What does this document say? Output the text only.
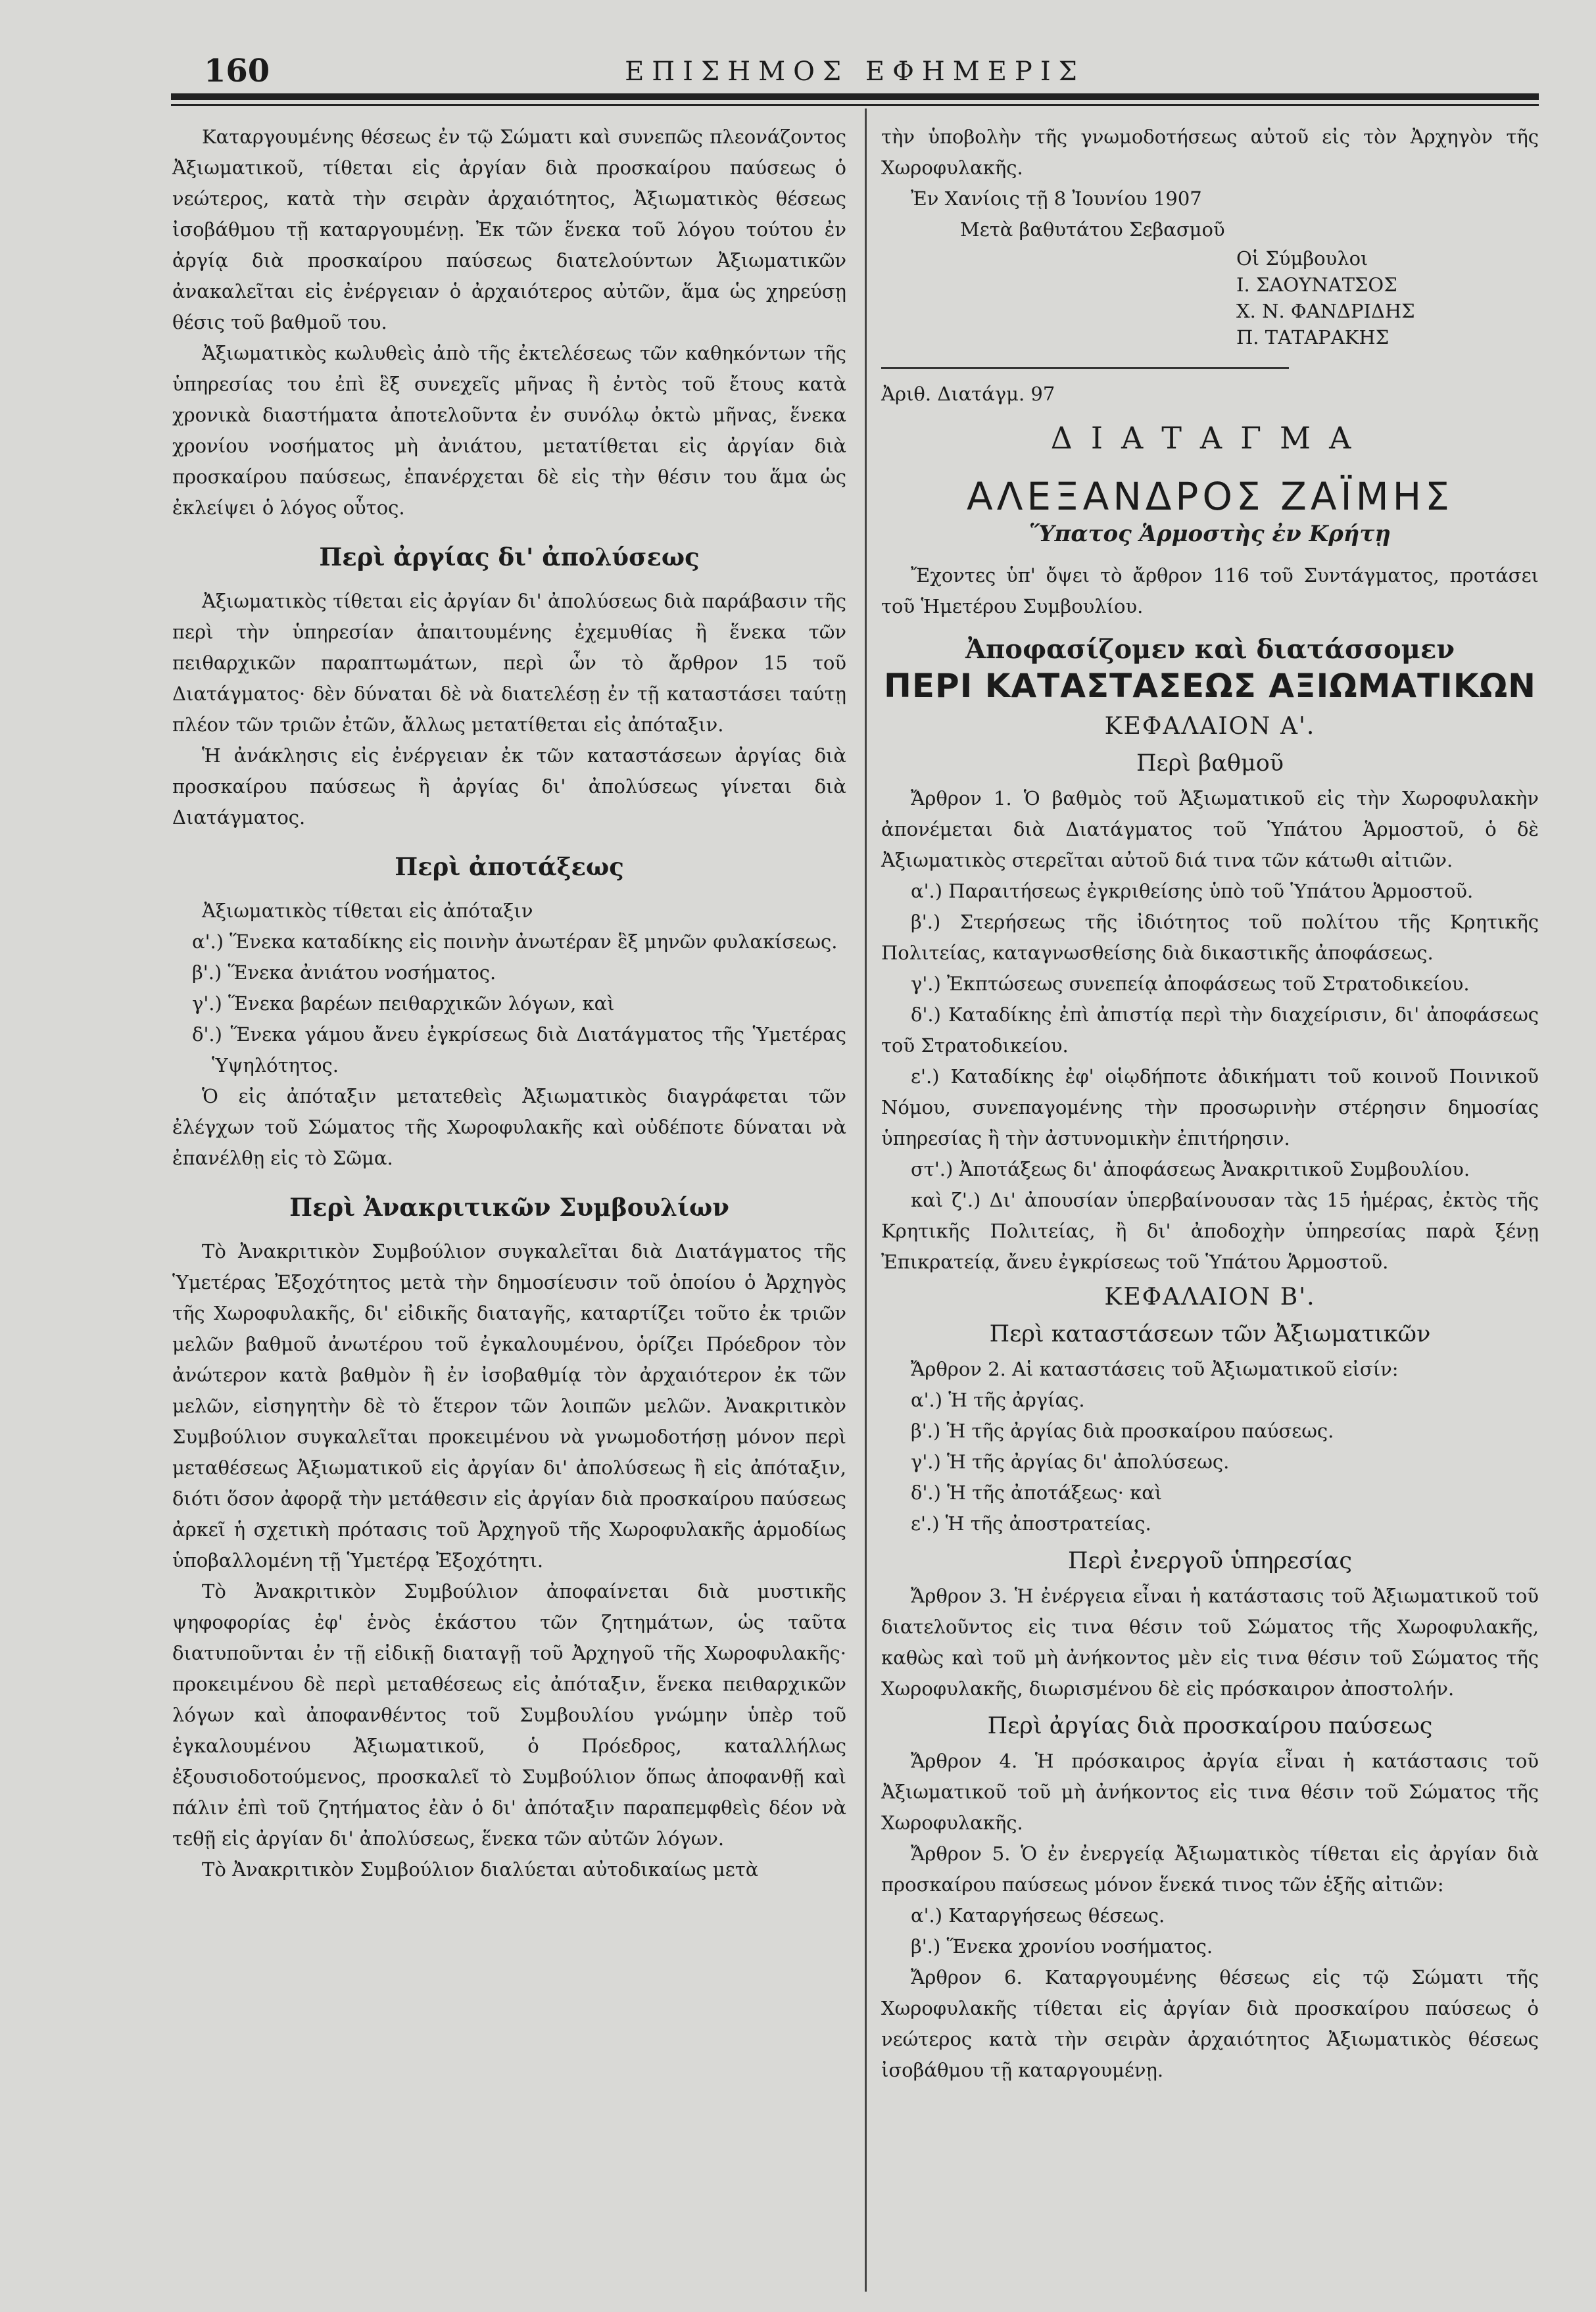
160	ΕΠΙΣΗΜΟΣ ΕΦΗΜΕΡΙΣ

Καταργουμένης θέσεως ἐν τῷ Σώματι καὶ συνεπῶς πλεονάζοντος Ἀξιωματικοῦ, τίθεται εἰς ἀργίαν διὰ προσκαίρου παύσεως ὁ νεώτερος, κατὰ τὴν σειρὰν ἀρχαιότητος, Ἀξιωματικὸς θέσεως ἰσοβάθμου τῇ καταργουμένῃ. Ἐκ τῶν ἕνεκα τοῦ λόγου τούτου ἐν ἀργίᾳ διὰ προσκαίρου παύσεως διατελούντων Ἀξιωματικῶν ἀνακαλεῖται εἰς ἐνέργειαν ὁ ἀρχαιότερος αὐτῶν, ἅμα ὡς χηρεύσῃ θέσις τοῦ βαθμοῦ του.

Ἀξιωματικὸς κωλυθεὶς ἀπὸ τῆς ἐκτελέσεως τῶν καθηκόντων τῆς ὑπηρεσίας του ἐπὶ ἓξ συνεχεῖς μῆνας ἢ ἐντὸς τοῦ ἔτους κατὰ χρονικὰ διαστήματα ἀποτελοῦντα ἐν συνόλῳ ὀκτὼ μῆνας, ἕνεκα χρονίου νοσήματος μὴ ἀνιάτου, μετατίθεται εἰς ἀργίαν διὰ προσκαίρου παύσεως, ἐπανέρχεται δὲ εἰς τὴν θέσιν του ἅμα ὡς ἐκλείψει ὁ λόγος οὗτος.

Περὶ ἀργίας δι' ἀπολύσεως

Ἀξιωματικὸς τίθεται εἰς ἀργίαν δι' ἀπολύσεως διὰ παράβασιν τῆς περὶ τὴν ὑπηρεσίαν ἀπαιτουμένης ἐχεμυθίας ἢ ἕνεκα τῶν πειθαρχικῶν παραπτωμάτων, περὶ ὧν τὸ ἄρθρον 15 τοῦ Διατάγματος· δὲν δύναται δὲ νὰ διατελέσῃ ἐν τῇ καταστάσει ταύτῃ πλέον τῶν τριῶν ἐτῶν, ἄλλως μετατίθεται εἰς ἀπόταξιν.

Ἡ ἀνάκλησις εἰς ἐνέργειαν ἐκ τῶν καταστάσεων ἀργίας διὰ προσκαίρου παύσεως ἢ ἀργίας δι' ἀπολύσεως γίνεται διὰ Διατάγματος.

Περὶ ἀποτάξεως

Ἀξιωματικὸς τίθεται εἰς ἀπόταξιν

α'.) Ἕνεκα καταδίκης εἰς ποινὴν ἀνωτέραν ἓξ μηνῶν φυλακίσεως.

β'.) Ἕνεκα ἀνιάτου νοσήματος.

γ'.) Ἕνεκα βαρέων πειθαρχικῶν λόγων, καὶ

δ'.) Ἕνεκα γάμου ἄνευ ἐγκρίσεως διὰ Διατάγματος τῆς Ὑμετέρας Ὑψηλότητος.

Ὁ εἰς ἀπόταξιν μετατεθεὶς Ἀξιωματικὸς διαγράφεται τῶν ἐλέγχων τοῦ Σώματος τῆς Χωροφυλακῆς καὶ οὐδέποτε δύναται νὰ ἐπανέλθῃ εἰς τὸ Σῶμα.

Περὶ Ἀνακριτικῶν Συμβουλίων

Τὸ Ἀνακριτικὸν Συμβούλιον συγκαλεῖται διὰ Διατάγματος τῆς Ὑμετέρας Ἐξοχότητος μετὰ τὴν δημοσίευσιν τοῦ ὁποίου ὁ Ἀρχηγὸς τῆς Χωροφυλακῆς, δι' εἰδικῆς διαταγῆς, καταρτίζει τοῦτο ἐκ τριῶν μελῶν βαθμοῦ ἀνωτέρου τοῦ ἐγκαλουμένου, ὁρίζει Πρόεδρον τὸν ἀνώτερον κατὰ βαθμὸν ἢ ἐν ἰσοβαθμίᾳ τὸν ἀρχαιότερον ἐκ τῶν μελῶν, εἰσηγητὴν δὲ τὸ ἕτερον τῶν λοιπῶν μελῶν. Ἀνακριτικὸν Συμβούλιον συγκαλεῖται προκειμένου νὰ γνωμοδοτήσῃ μόνον περὶ μεταθέσεως Ἀξιωματικοῦ εἰς ἀργίαν δι' ἀπολύσεως ἢ εἰς ἀπόταξιν, διότι ὅσον ἀφορᾷ τὴν μετάθεσιν εἰς ἀργίαν διὰ προσκαίρου παύσεως ἀρκεῖ ἡ σχετικὴ πρότασις τοῦ Ἀρχηγοῦ τῆς Χωροφυλακῆς ἁρμοδίως ὑποβαλλομένη τῇ Ὑμετέρᾳ Ἐξοχότητι.

Τὸ Ἀνακριτικὸν Συμβούλιον ἀποφαίνεται διὰ μυστικῆς ψηφοφορίας ἐφ' ἑνὸς ἑκάστου τῶν ζητημάτων, ὡς ταῦτα διατυποῦνται ἐν τῇ εἰδικῇ διαταγῇ τοῦ Ἀρχηγοῦ τῆς Χωροφυλακῆς· προκειμένου δὲ περὶ μεταθέσεως εἰς ἀπόταξιν, ἕνεκα πειθαρχικῶν λόγων καὶ ἀποφανθέντος τοῦ Συμβουλίου γνώμην ὑπὲρ τοῦ ἐγκαλουμένου Ἀξιωματικοῦ, ὁ Πρόεδρος, καταλλήλως ἐξουσιοδοτούμενος, προσκαλεῖ τὸ Συμβούλιον ὅπως ἀποφανθῇ καὶ πάλιν ἐπὶ τοῦ ζητήματος ἐὰν ὁ δι' ἀπόταξιν παραπεμφθεὶς δέον νὰ τεθῇ εἰς ἀργίαν δι' ἀπολύσεως, ἕνεκα τῶν αὐτῶν λόγων.

Τὸ Ἀνακριτικὸν Συμβούλιον διαλύεται αὐτοδικαίως μετὰ

τὴν ὑποβολὴν τῆς γνωμοδοτήσεως αὐτοῦ εἰς τὸν Ἀρχηγὸν τῆς Χωροφυλακῆς.

Ἐν Χανίοις τῇ 8 Ἰουνίου 1907

Μετὰ βαθυτάτου Σεβασμοῦ

Οἱ Σύμβουλοι
Ι. ΣΑΟΥΝΑΤΣΟΣ
Χ. Ν. ΦΑΝΔΡΙΔΗΣ
Π. ΤΑΤΑΡΑΚΗΣ

Ἀριθ. Διατάγμ. 97

ΔΙΑΤΑΓΜΑ
ΑΛΕΞΑΝΔΡΟΣ ΖΑΪΜΗΣ
Ὕπατος Ἁρμοστὴς ἐν Κρήτῃ

Ἔχοντες ὑπ' ὄψει τὸ ἄρθρον 116 τοῦ Συντάγματος, προτάσει τοῦ Ἡμετέρου Συμβουλίου.

Ἀποφασίζομεν καὶ διατάσσομεν
ΠΕΡΙ ΚΑΤΑΣΤΑΣΕΩΣ ΑΞΙΩΜΑΤΙΚΩΝ
ΚΕΦΑΛΑΙΟΝ Α'.
Περὶ βαθμοῦ

Ἄρθρον 1. Ὁ βαθμὸς τοῦ Ἀξιωματικοῦ εἰς τὴν Χωροφυλακὴν ἀπονέμεται διὰ Διατάγματος τοῦ Ὑπάτου Ἁρμοστοῦ, ὁ δὲ Ἀξιωματικὸς στερεῖται αὐτοῦ διά τινα τῶν κάτωθι αἰτιῶν.

α'.) Παραιτήσεως ἐγκριθείσης ὑπὸ τοῦ Ὑπάτου Ἁρμοστοῦ.

β'.) Στερήσεως τῆς ἰδιότητος τοῦ πολίτου τῆς Κρητικῆς Πολιτείας, καταγνωσθείσης διὰ δικαστικῆς ἀποφάσεως.

γ'.) Ἐκπτώσεως συνεπείᾳ ἀποφάσεως τοῦ Στρατοδικείου.

δ'.) Καταδίκης ἐπὶ ἀπιστίᾳ περὶ τὴν διαχείρισιν, δι' ἀποφάσεως τοῦ Στρατοδικείου.

ε'.) Καταδίκης ἐφ' οἱῳδήποτε ἀδικήματι τοῦ κοινοῦ Ποινικοῦ Νόμου, συνεπαγομένης τὴν προσωρινὴν στέρησιν δημοσίας ὑπηρεσίας ἢ τὴν ἀστυνομικὴν ἐπιτήρησιν.

στ'.) Ἀποτάξεως δι' ἀποφάσεως Ἀνακριτικοῦ Συμβουλίου.

καὶ ζ'.) Δι' ἀπουσίαν ὑπερβαίνουσαν τὰς 15 ἡμέρας, ἐκτὸς τῆς Κρητικῆς Πολιτείας, ἢ δι' ἀποδοχὴν ὑπηρεσίας παρὰ ξένῃ Ἐπικρατείᾳ, ἄνευ ἐγκρίσεως τοῦ Ὑπάτου Ἁρμοστοῦ.

ΚΕΦΑΛΑΙΟΝ Β'.
Περὶ καταστάσεων τῶν Ἀξιωματικῶν

Ἄρθρον 2. Αἱ καταστάσεις τοῦ Ἀξιωματικοῦ εἰσίν:

α'.) Ἡ τῆς ἀργίας.

β'.) Ἡ τῆς ἀργίας διὰ προσκαίρου παύσεως.

γ'.) Ἡ τῆς ἀργίας δι' ἀπολύσεως.

δ'.) Ἡ τῆς ἀποτάξεως· καὶ

ε'.) Ἡ τῆς ἀποστρατείας.

Περὶ ἐνεργοῦ ὑπηρεσίας

Ἄρθρον 3. Ἡ ἐνέργεια εἶναι ἡ κατάστασις τοῦ Ἀξιωματικοῦ τοῦ διατελοῦντος εἰς τινα θέσιν τοῦ Σώματος τῆς Χωροφυλακῆς, καθὼς καὶ τοῦ μὴ ἀνήκοντος μὲν εἰς τινα θέσιν τοῦ Σώματος τῆς Χωροφυλακῆς, διωρισμένου δὲ εἰς πρόσκαιρον ἀποστολήν.

Περὶ ἀργίας διὰ προσκαίρου παύσεως

Ἄρθρον 4. Ἡ πρόσκαιρος ἀργία εἶναι ἡ κατάστασις τοῦ Ἀξιωματικοῦ τοῦ μὴ ἀνήκοντος εἰς τινα θέσιν τοῦ Σώματος τῆς Χωροφυλακῆς.

Ἄρθρον 5. Ὁ ἐν ἐνεργείᾳ Ἀξιωματικὸς τίθεται εἰς ἀργίαν διὰ προσκαίρου παύσεως μόνον ἕνεκά τινος τῶν ἑξῆς αἰτιῶν:

α'.) Καταργήσεως θέσεως.

β'.) Ἕνεκα χρονίου νοσήματος.

Ἄρθρον 6. Καταργουμένης θέσεως εἰς τῷ Σώματι τῆς Χωροφυλακῆς τίθεται εἰς ἀργίαν διὰ προσκαίρου παύσεως ὁ νεώτερος κατὰ τὴν σειρὰν ἀρχαιότητος Ἀξιωματικὸς θέσεως ἰσοβάθμου τῇ καταργουμένῃ.
